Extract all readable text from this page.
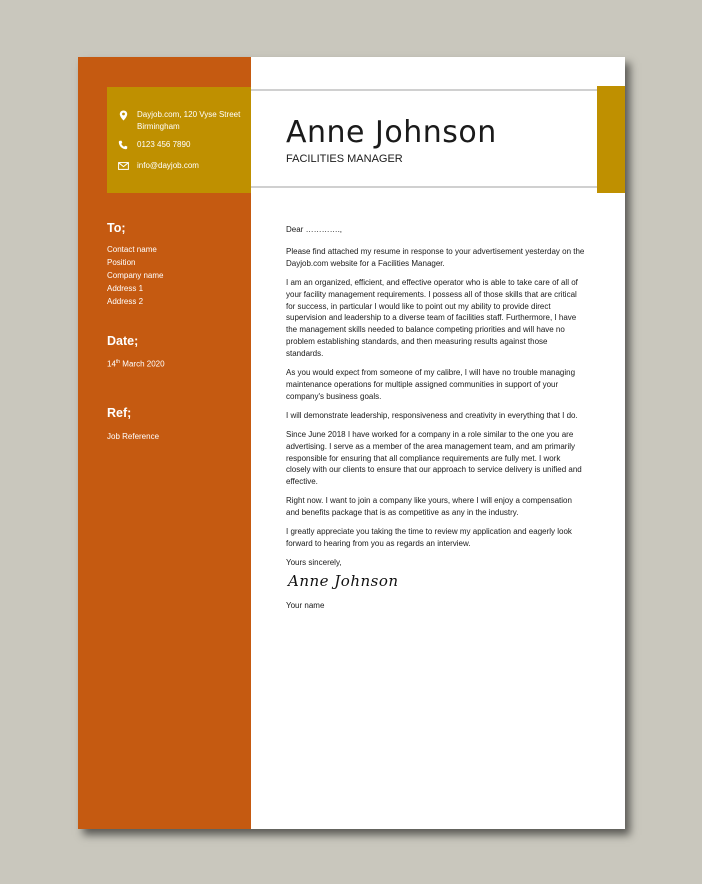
Dayjob.com, 120 Vyse Street Birmingham
0123 456 7890
info@dayjob.com
To;
Contact name
Position
Company name
Address 1
Address 2
Date;
14th March 2020
Ref;
Job Reference
Anne Johnson
FACILITIES MANAGER

Dear ………….,

Please find attached my resume in response to your advertisement yesterday on the Dayjob.com website for a Facilities Manager.

I am an organized, efficient, and effective operator who is able to take care of all of your facility management requirements. I possess all of those skills that are critical for success, in particular I would like to point out my ability to provide direct supervision and leadership to a diverse team of facilities staff. Furthermore, I have the management skills needed to balance competing priorities and will have no problem establishing standards, and then measuring results against those standards.

As you would expect from someone of my calibre, I will have no trouble managing maintenance operations for multiple assigned communities in support of your company's business goals.

I will demonstrate leadership, responsiveness and creativity in everything that I do.

Since June 2018 I have worked for a company in a role similar to the one you are advertising. I serve as a member of the area management team, and am primarily responsible for ensuring that all compliance requirements are fully met. I work closely with our clients to ensure that our approach to service delivery is unified and effective.

Right now. I want to join a company like yours, where I will enjoy a compensation and benefits package that is as competitive as any in the industry.

I greatly appreciate you taking the time to review my application and eagerly look forward to hearing from you as regards an interview.

Yours sincerely,

Anne Johnson

Your name
